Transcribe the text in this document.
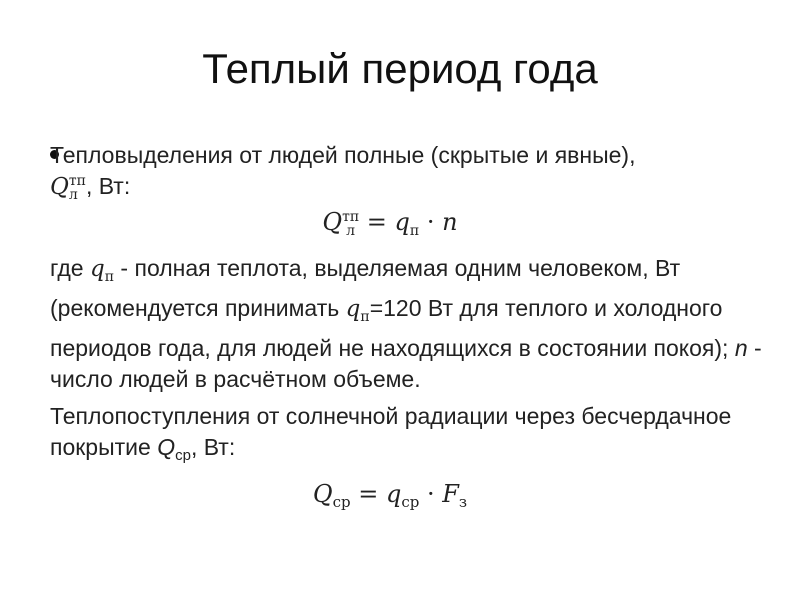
Теплый период года

Тепловыделения от людей полные (скрытые и явные),
Q тп
л , Вт:

Q тп
$л = q_п \cdot n$

где $q_п$ - полная теплота, выделяемая одним человеком, Вт (рекомендуется принимать $q_п=120$ Вт для теплого и холодного периодов года, для людей не находящихся в состоянии покоя); n - число людей в расчётном объеме.

Теплопоступления от солнечной радиации через бесчердачное покрытие $Q_{ср}$, Вт:

$Q_{ср} = q_{ср} \cdot F_з$
